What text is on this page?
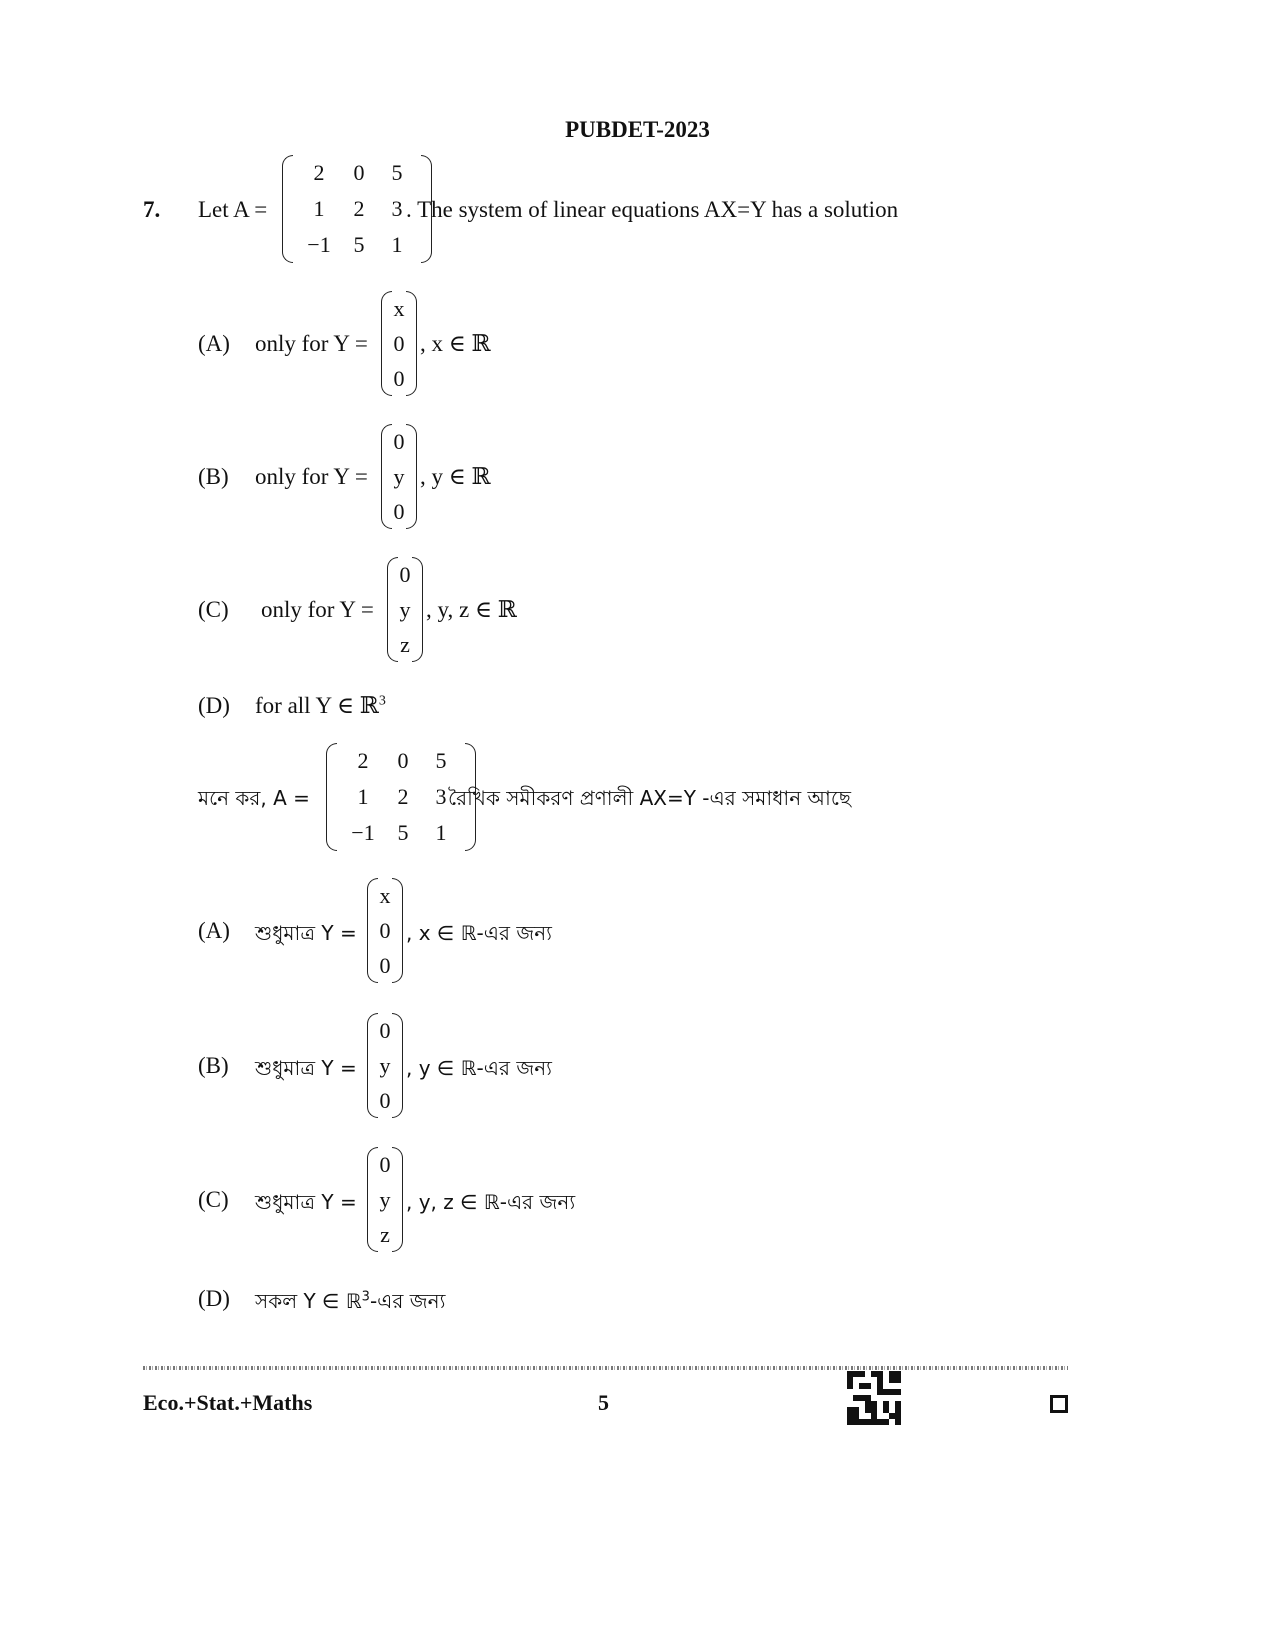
PUBDET-2023
7. Let A =
2	0	5
1	2	3
−1	5	1
. The system of linear equations AX=Y has a solution
(A) only for Y =
x
0
0
, x ∈ ℝ
(B) only for Y =
0
y
0
, y ∈ ℝ
(C) only for Y =
0
y
z
, y, z ∈ ℝ
(D) for all Y ∈ ℝ$^3$
মনে কর, A =
2	0	5
1	2	3
−1	5	1
রৈখিক সমীকরণ প্রণালী AX=Y -এর সমাধান আছে
(A) শুধুমাত্র Y =
x
0
0
, x ∈ ℝ-এর জন্য
(B) শুধুমাত্র Y =
0
y
0
, y ∈ ℝ-এর জন্য
(C) শুধুমাত্র Y =
0
y
z
, y, z ∈ ℝ-এর জন্য
(D) সকল Y ∈ ℝ$^3$-এর জন্য
Eco.+Stat.+Maths	5
